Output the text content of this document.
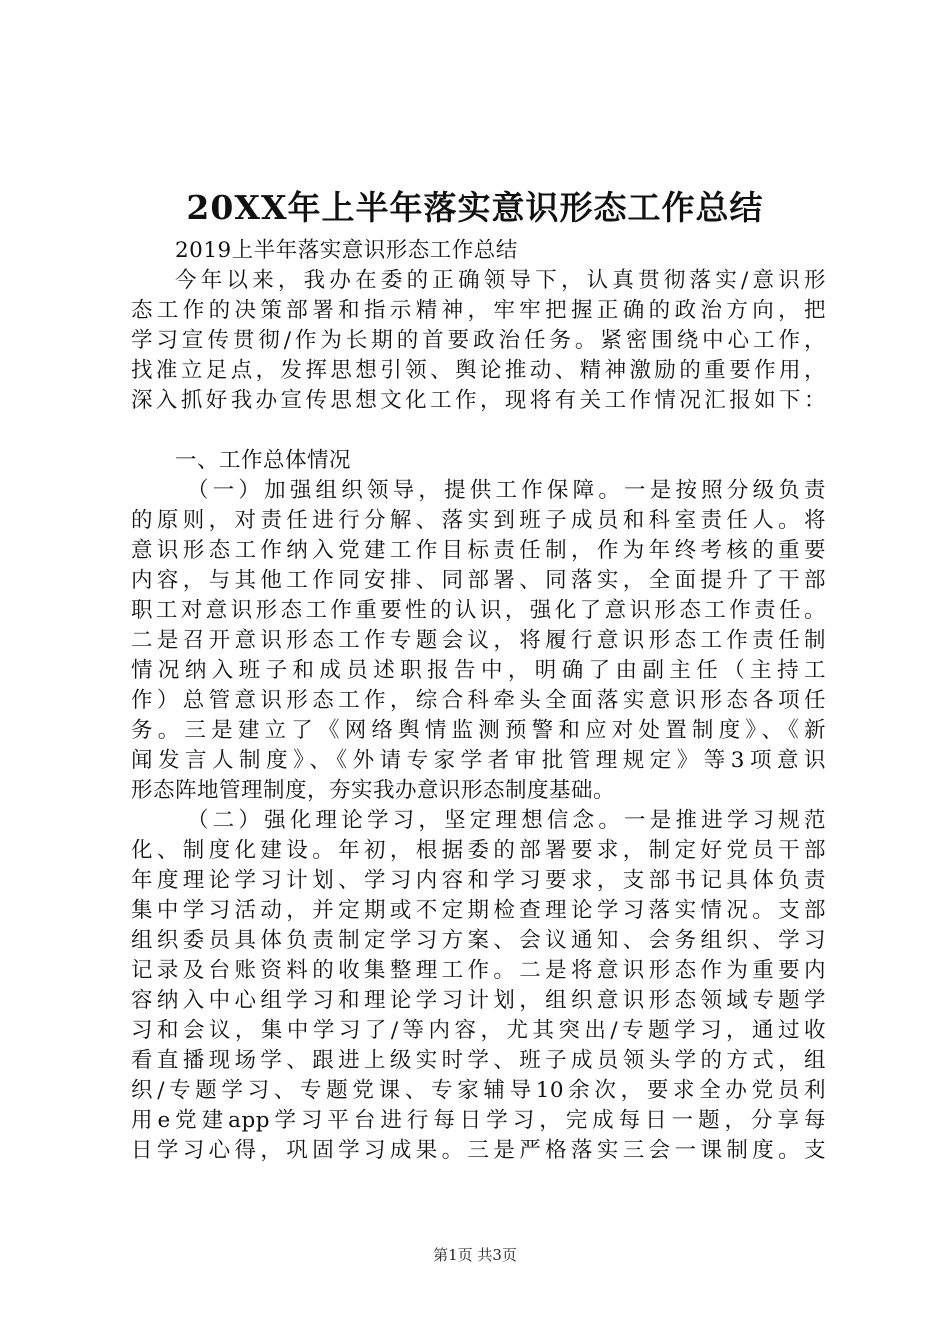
20XX年上半年落实意识形态工作总结
2019上半年落实意识形态工作总结
今年以来，我办在委的正确领导下，认真贯彻落实/意识形
态工作的决策部署和指示精神，牢牢把握正确的政治方向，把
学习宣传贯彻/作为长期的首要政治任务。紧密围绕中心工作，
找准立足点，发挥思想引领、舆论推动、精神激励的重要作用，
深入抓好我办宣传思想文化工作，现将有关工作情况汇报如下：
一、工作总体情况
（一）加强组织领导，提供工作保障。一是按照分级负责
的原则，对责任进行分解、落实到班子成员和科室责任人。将
意识形态工作纳入党建工作目标责任制，作为年终考核的重要
内容，与其他工作同安排、同部署、同落实，全面提升了干部
职工对意识形态工作重要性的认识，强化了意识形态工作责任。
二是召开意识形态工作专题会议，将履行意识形态工作责任制
情况纳入班子和成员述职报告中，明确了由副主任（主持工
作）总管意识形态工作，综合科牵头全面落实意识形态各项任
务。三是建立了《网络舆情监测预警和应对处置制度》、《新
闻发言人制度》、《外请专家学者审批管理规定》等3项意识
形态阵地管理制度，夯实我办意识形态制度基础。
（二）强化理论学习，坚定理想信念。一是推进学习规范
化、制度化建设。年初，根据委的部署要求，制定好党员干部
年度理论学习计划、学习内容和学习要求，支部书记具体负责
集中学习活动，并定期或不定期检查理论学习落实情况。支部
组织委员具体负责制定学习方案、会议通知、会务组织、学习
记录及台账资料的收集整理工作。二是将意识形态作为重要内
容纳入中心组学习和理论学习计划，组织意识形态领域专题学
习和会议，集中学习了/等内容，尤其突出/专题学习，通过收
看直播现场学、跟进上级实时学、班子成员领头学的方式，组
织/专题学习、专题党课、专家辅导10余次，要求全办党员利
用e党建app学习平台进行每日学习，完成每日一题，分享每
日学习心得，巩固学习成果。三是严格落实三会一课制度。支
第1页 共3页
